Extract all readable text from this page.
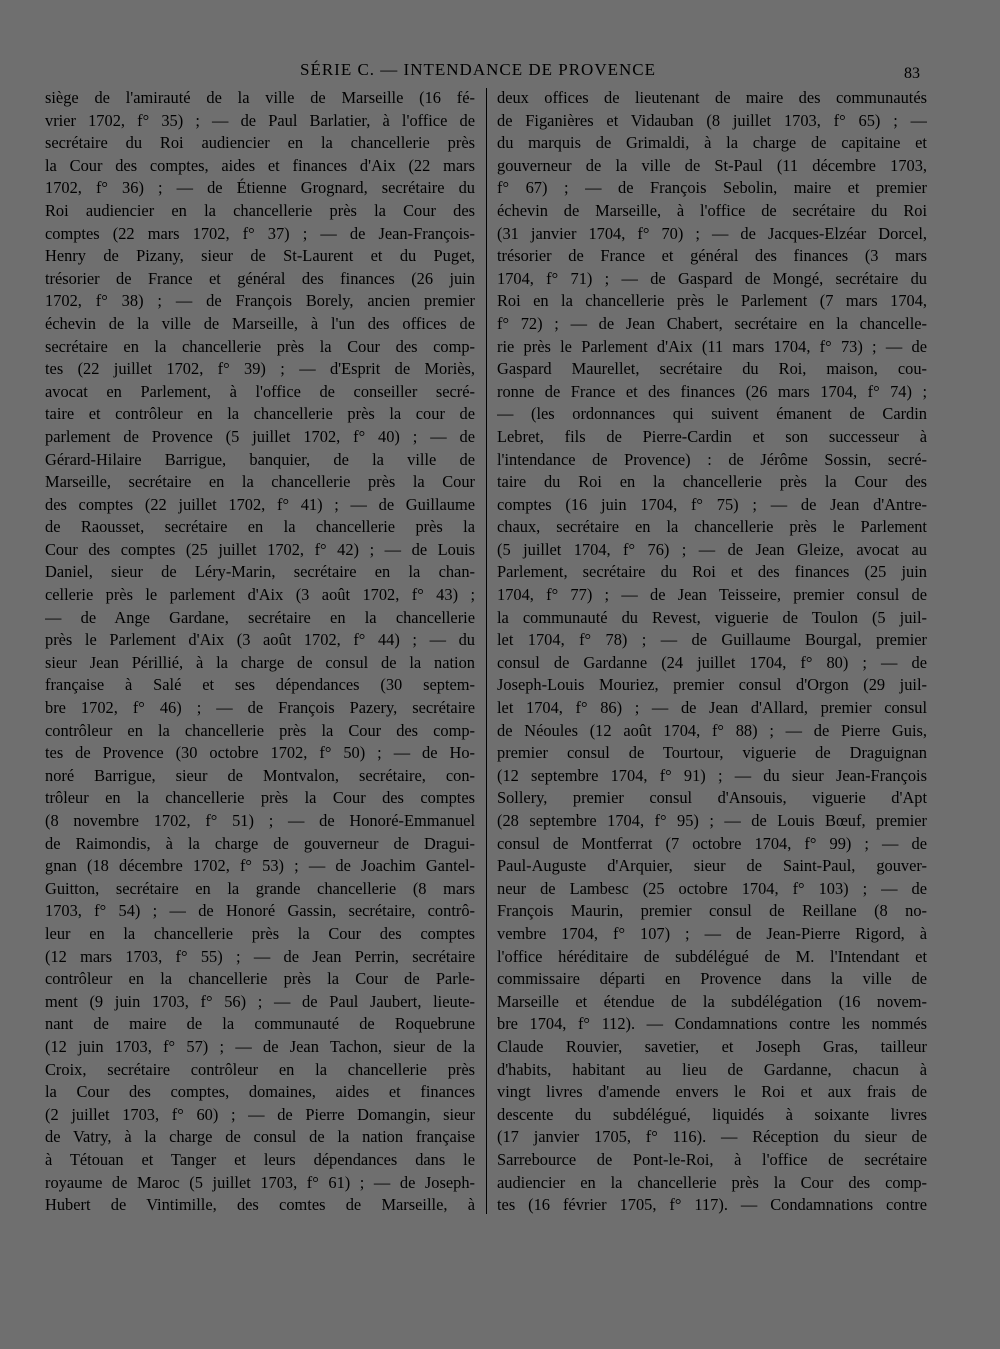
SÉRIE C. — INTENDANCE DE PROVENCE	83
siège de l'amirauté de la ville de Marseille (16 fé-
vrier 1702, f° 35) ; — de Paul Barlatier, à l'office de
secrétaire du Roi audiencier en la chancellerie près
la Cour des comptes, aides et finances d'Aix (22 mars
1702, f° 36) ; — de Étienne Grognard, secrétaire du
Roi audiencier en la chancellerie près la Cour des
comptes (22 mars 1702, f° 37) ; — de Jean-François-
Henry de Pizany, sieur de St-Laurent et du Puget,
trésorier de France et général des finances (26 juin
1702, f° 38) ; — de François Borely, ancien premier
échevin de la ville de Marseille, à l'un des offices de
secrétaire en la chancellerie près la Cour des comp-
tes (22 juillet 1702, f° 39) ; — d'Esprit de Moriès,
avocat en Parlement, à l'office de conseiller secré-
taire et contrôleur en la chancellerie près la cour de
parlement de Provence (5 juillet 1702, f° 40) ; — de
Gérard-Hilaire Barrigue, banquier, de la ville de
Marseille, secrétaire en la chancellerie près la Cour
des comptes (22 juillet 1702, f° 41) ; — de Guillaume
de Raousset, secrétaire en la chancellerie près la
Cour des comptes (25 juillet 1702, f° 42) ; — de Louis
Daniel, sieur de Léry-Marin, secrétaire en la chan-
cellerie près le parlement d'Aix (3 août 1702, f° 43) ;
— de Ange Gardane, secrétaire en la chancellerie
près le Parlement d'Aix (3 août 1702, f° 44) ; — du
sieur Jean Périllié, à la charge de consul de la nation
française à Salé et ses dépendances (30 septem-
bre 1702, f° 46) ; — de François Pazery, secrétaire
contrôleur en la chancellerie près la Cour des comp-
tes de Provence (30 octobre 1702, f° 50) ; — de Ho-
noré Barrigue, sieur de Montvalon, secrétaire, con-
trôleur en la chancellerie près la Cour des comptes
(8 novembre 1702, f° 51) ; — de Honoré-Emmanuel
de Raimondis, à la charge de gouverneur de Dragui-
gnan (18 décembre 1702, f° 53) ; — de Joachim Gantel-
Guitton, secrétaire en la grande chancellerie (8 mars
1703, f° 54) ; — de Honoré Gassin, secrétaire, contrô-
leur en la chancellerie près la Cour des comptes
(12 mars 1703, f° 55) ; — de Jean Perrin, secrétaire
contrôleur en la chancellerie près la Cour de Parle-
ment (9 juin 1703, f° 56) ; — de Paul Jaubert, lieute-
nant de maire de la communauté de Roquebrune
(12 juin 1703, f° 57) ; — de Jean Tachon, sieur de la
Croix, secrétaire contrôleur en la chancellerie près
la Cour des comptes, domaines, aides et finances
(2 juillet 1703, f° 60) ; — de Pierre Domangin, sieur
de Vatry, à la charge de consul de la nation française
à Tétouan et Tanger et leurs dépendances dans le
royaume de Maroc (5 juillet 1703, f° 61) ; — de Joseph-
Hubert de Vintimille, des comtes de Marseille, à
deux offices de lieutenant de maire des communautés
de Figanières et Vidauban (8 juillet 1703, f° 65) ; —
du marquis de Grimaldi, à la charge de capitaine et
gouverneur de la ville de St-Paul (11 décembre 1703,
f° 67) ; — de François Sebolin, maire et premier
échevin de Marseille, à l'office de secrétaire du Roi
(31 janvier 1704, f° 70) ; — de Jacques-Elzéar Dorcel,
trésorier de France et général des finances (3 mars
1704, f° 71) ; — de Gaspard de Mongé, secrétaire du
Roi en la chancellerie près le Parlement (7 mars 1704,
f° 72) ; — de Jean Chabert, secrétaire en la chancelle-
rie près le Parlement d'Aix (11 mars 1704, f° 73) ; — de
Gaspard Maurellet, secrétaire du Roi, maison, cou-
ronne de France et des finances (26 mars 1704, f° 74) ;
— (les ordonnances qui suivent émanent de Cardin
Lebret, fils de Pierre-Cardin et son successeur à
l'intendance de Provence) : de Jérôme Sossin, secré-
taire du Roi en la chancellerie près la Cour des
comptes (16 juin 1704, f° 75) ; — de Jean d'Antre-
chaux, secrétaire en la chancellerie près le Parlement
(5 juillet 1704, f° 76) ; — de Jean Gleize, avocat au
Parlement, secrétaire du Roi et des finances (25 juin
1704, f° 77) ; — de Jean Teisseire, premier consul de
la communauté du Revest, viguerie de Toulon (5 juil-
let 1704, f° 78) ; — de Guillaume Bourgal, premier
consul de Gardanne (24 juillet 1704, f° 80) ; — de
Joseph-Louis Mouriez, premier consul d'Orgon (29 juil-
let 1704, f° 86) ; — de Jean d'Allard, premier consul
de Néoules (12 août 1704, f° 88) ; — de Pierre Guis,
premier consul de Tourtour, viguerie de Draguignan
(12 septembre 1704, f° 91) ; — du sieur Jean-François
Sollery, premier consul d'Ansouis, viguerie d'Apt
(28 septembre 1704, f° 95) ; — de Louis Bœuf, premier
consul de Montferrat (7 octobre 1704, f° 99) ; — de
Paul-Auguste d'Arquier, sieur de Saint-Paul, gouver-
neur de Lambesc (25 octobre 1704, f° 103) ; — de
François Maurin, premier consul de Reillane (8 no-
vembre 1704, f° 107) ; — de Jean-Pierre Rigord, à
l'office héréditaire de subdélégué de M. l'Intendant et
commissaire départi en Provence dans la ville de
Marseille et étendue de la subdélégation (16 novem-
bre 1704, f° 112). — Condamnations contre les nommés
Claude Rouvier, savetier, et Joseph Gras, tailleur
d'habits, habitant au lieu de Gardanne, chacun à
vingt livres d'amende envers le Roi et aux frais de
descente du subdélégué, liquidés à soixante livres
(17 janvier 1705, f° 116). — Réception du sieur de
Sarrebource de Pont-le-Roi, à l'office de secrétaire
audiencier en la chancellerie près la Cour des comp-
tes (16 février 1705, f° 117). — Condamnations contre
